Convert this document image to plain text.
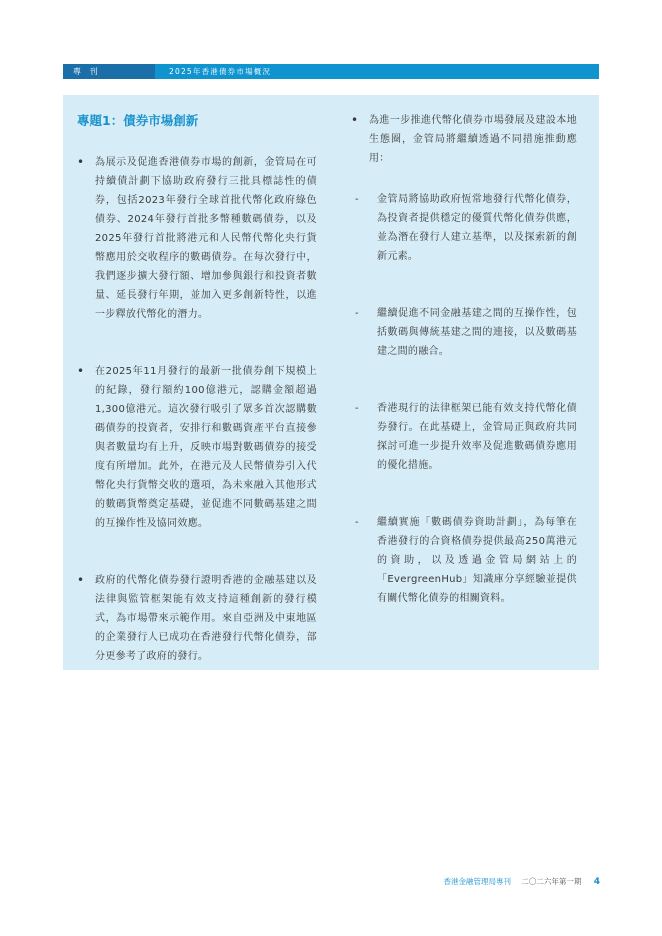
專 刊	2025年香港債券市場概況
專題1：債券市場創新
•	為展示及促進香港債券市場的創新，金管局在可持續債計劃下協助政府發行三批具標誌性的債券，包括2023年發行全球首批代幣化政府綠色債券、2024年發行首批多幣種數碼債券，以及2025年發行首批將港元和人民幣代幣化央行貨幣應用於交收程序的數碼債券。在每次發行中，我們逐步擴大發行額、增加參與銀行和投資者數量、延長發行年期，並加入更多創新特性，以進一步釋放代幣化的潛力。
•	在2025年11月發行的最新一批債券創下規模上的紀錄，發行額約100億港元，認購金額超過1,300億港元。這次發行吸引了眾多首次認購數碼債券的投資者，安排行和數碼資產平台直接參與者數量均有上升，反映市場對數碼債券的接受度有所增加。此外，在港元及人民幣債券引入代幣化央行貨幣交收的選項，為未來融入其他形式的數碼貨幣奠定基礎，並促進不同數碼基建之間的互操作性及協同效應。
•	政府的代幣化債券發行證明香港的金融基建以及法律與監管框架能有效支持這種創新的發行模式，為市場帶來示範作用。來自亞洲及中東地區的企業發行人已成功在香港發行代幣化債券，部分更參考了政府的發行。
•	為進一步推進代幣化債券市場發展及建設本地生態圈，金管局將繼續透過不同措施推動應用：
-	金管局將協助政府恆常地發行代幣化債券，為投資者提供穩定的優質代幣化債券供應，並為潛在發行人建立基準，以及探索新的創新元素。
-	繼續促進不同金融基建之間的互操作性，包括數碼與傳統基建之間的連接，以及數碼基建之間的融合。
-	香港現行的法律框架已能有效支持代幣化債券發行。在此基礎上，金管局正與政府共同探討可進一步提升效率及促進數碼債券應用的優化措施。
-	繼續實施「數碼債券資助計劃」，為每筆在香港發行的合資格債券提供最高250萬港元的資助，以及透過金管局網站上的「EvergreenHub」知識庫分享經驗並提供有關代幣化債券的相關資料。
香港金融管理局專刊 二〇二六年第一期 4
